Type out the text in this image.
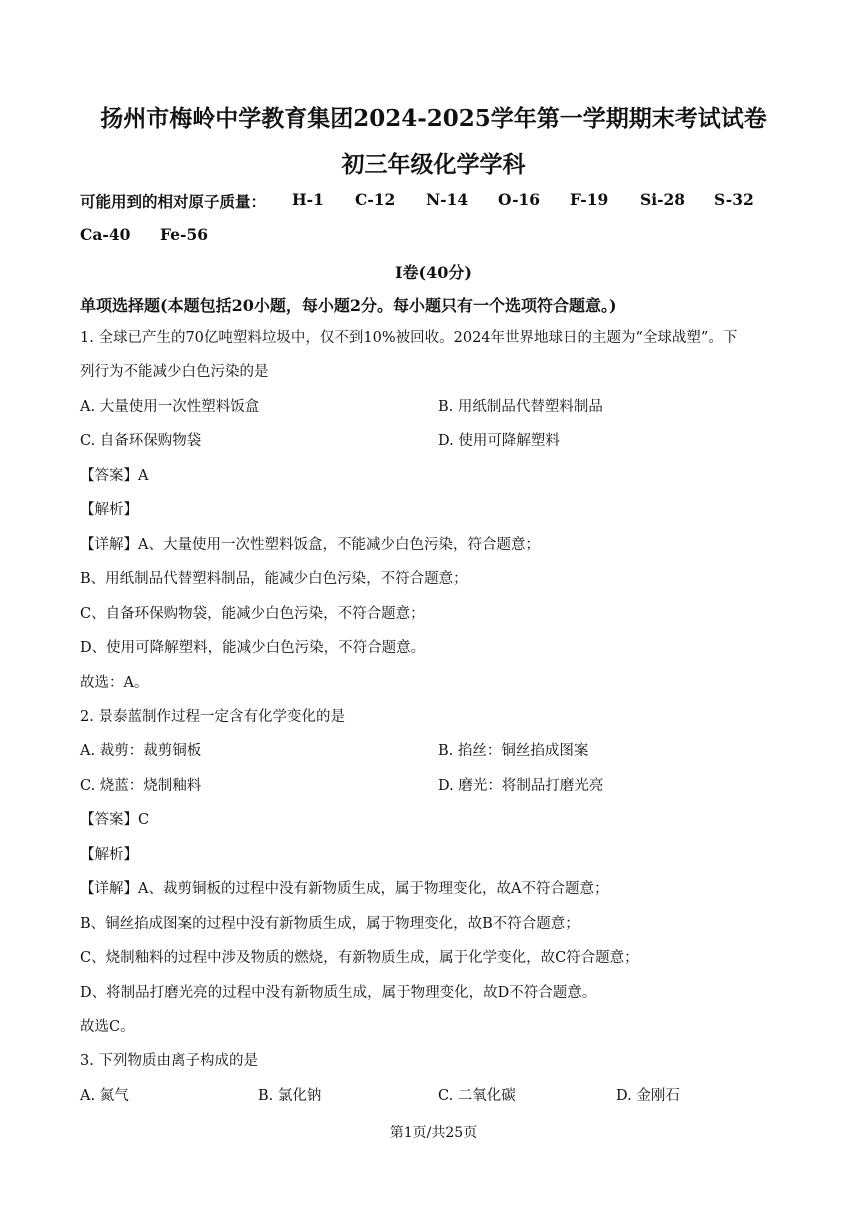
扬州市梅岭中学教育集团2024-2025学年第一学期期末考试试卷
初三年级化学学科
可能用到的相对原子质量： H-1 C-12 N-14 O-16 F-19 Si-28 S-32
Ca-40 Fe-56
I卷(40分)
单项选择题(本题包括20小题，每小题2分。每小题只有一个选项符合题意。)
1. 全球已产生的70亿吨塑料垃圾中，仅不到10%被回收。2024年世界地球日的主题为“全球战塑”。下
列行为不能减少白色污染的是
A. 大量使用一次性塑料饭盒	B. 用纸制品代替塑料制品
C. 自备环保购物袋	D. 使用可降解塑料
【答案】A
【解析】
【详解】A、大量使用一次性塑料饭盒，不能减少白色污染，符合题意；
B、用纸制品代替塑料制品，能减少白色污染，不符合题意；
C、自备环保购物袋，能减少白色污染，不符合题意；
D、使用可降解塑料，能减少白色污染，不符合题意。
故选：A。
2. 景泰蓝制作过程一定含有化学变化的是
A. 裁剪：裁剪铜板	B. 掐丝：铜丝掐成图案
C. 烧蓝：烧制釉料	D. 磨光：将制品打磨光亮
【答案】C
【解析】
【详解】A、裁剪铜板的过程中没有新物质生成，属于物理变化，故A不符合题意；
B、铜丝掐成图案的过程中没有新物质生成，属于物理变化，故B不符合题意；
C、烧制釉料的过程中涉及物质的燃烧，有新物质生成，属于化学变化，故C符合题意；
D、将制品打磨光亮的过程中没有新物质生成，属于物理变化，故D不符合题意。
故选C。
3. 下列物质由离子构成的是
A. 氮气	B. 氯化钠	C. 二氧化碳	D. 金刚石
第1页/共25页
